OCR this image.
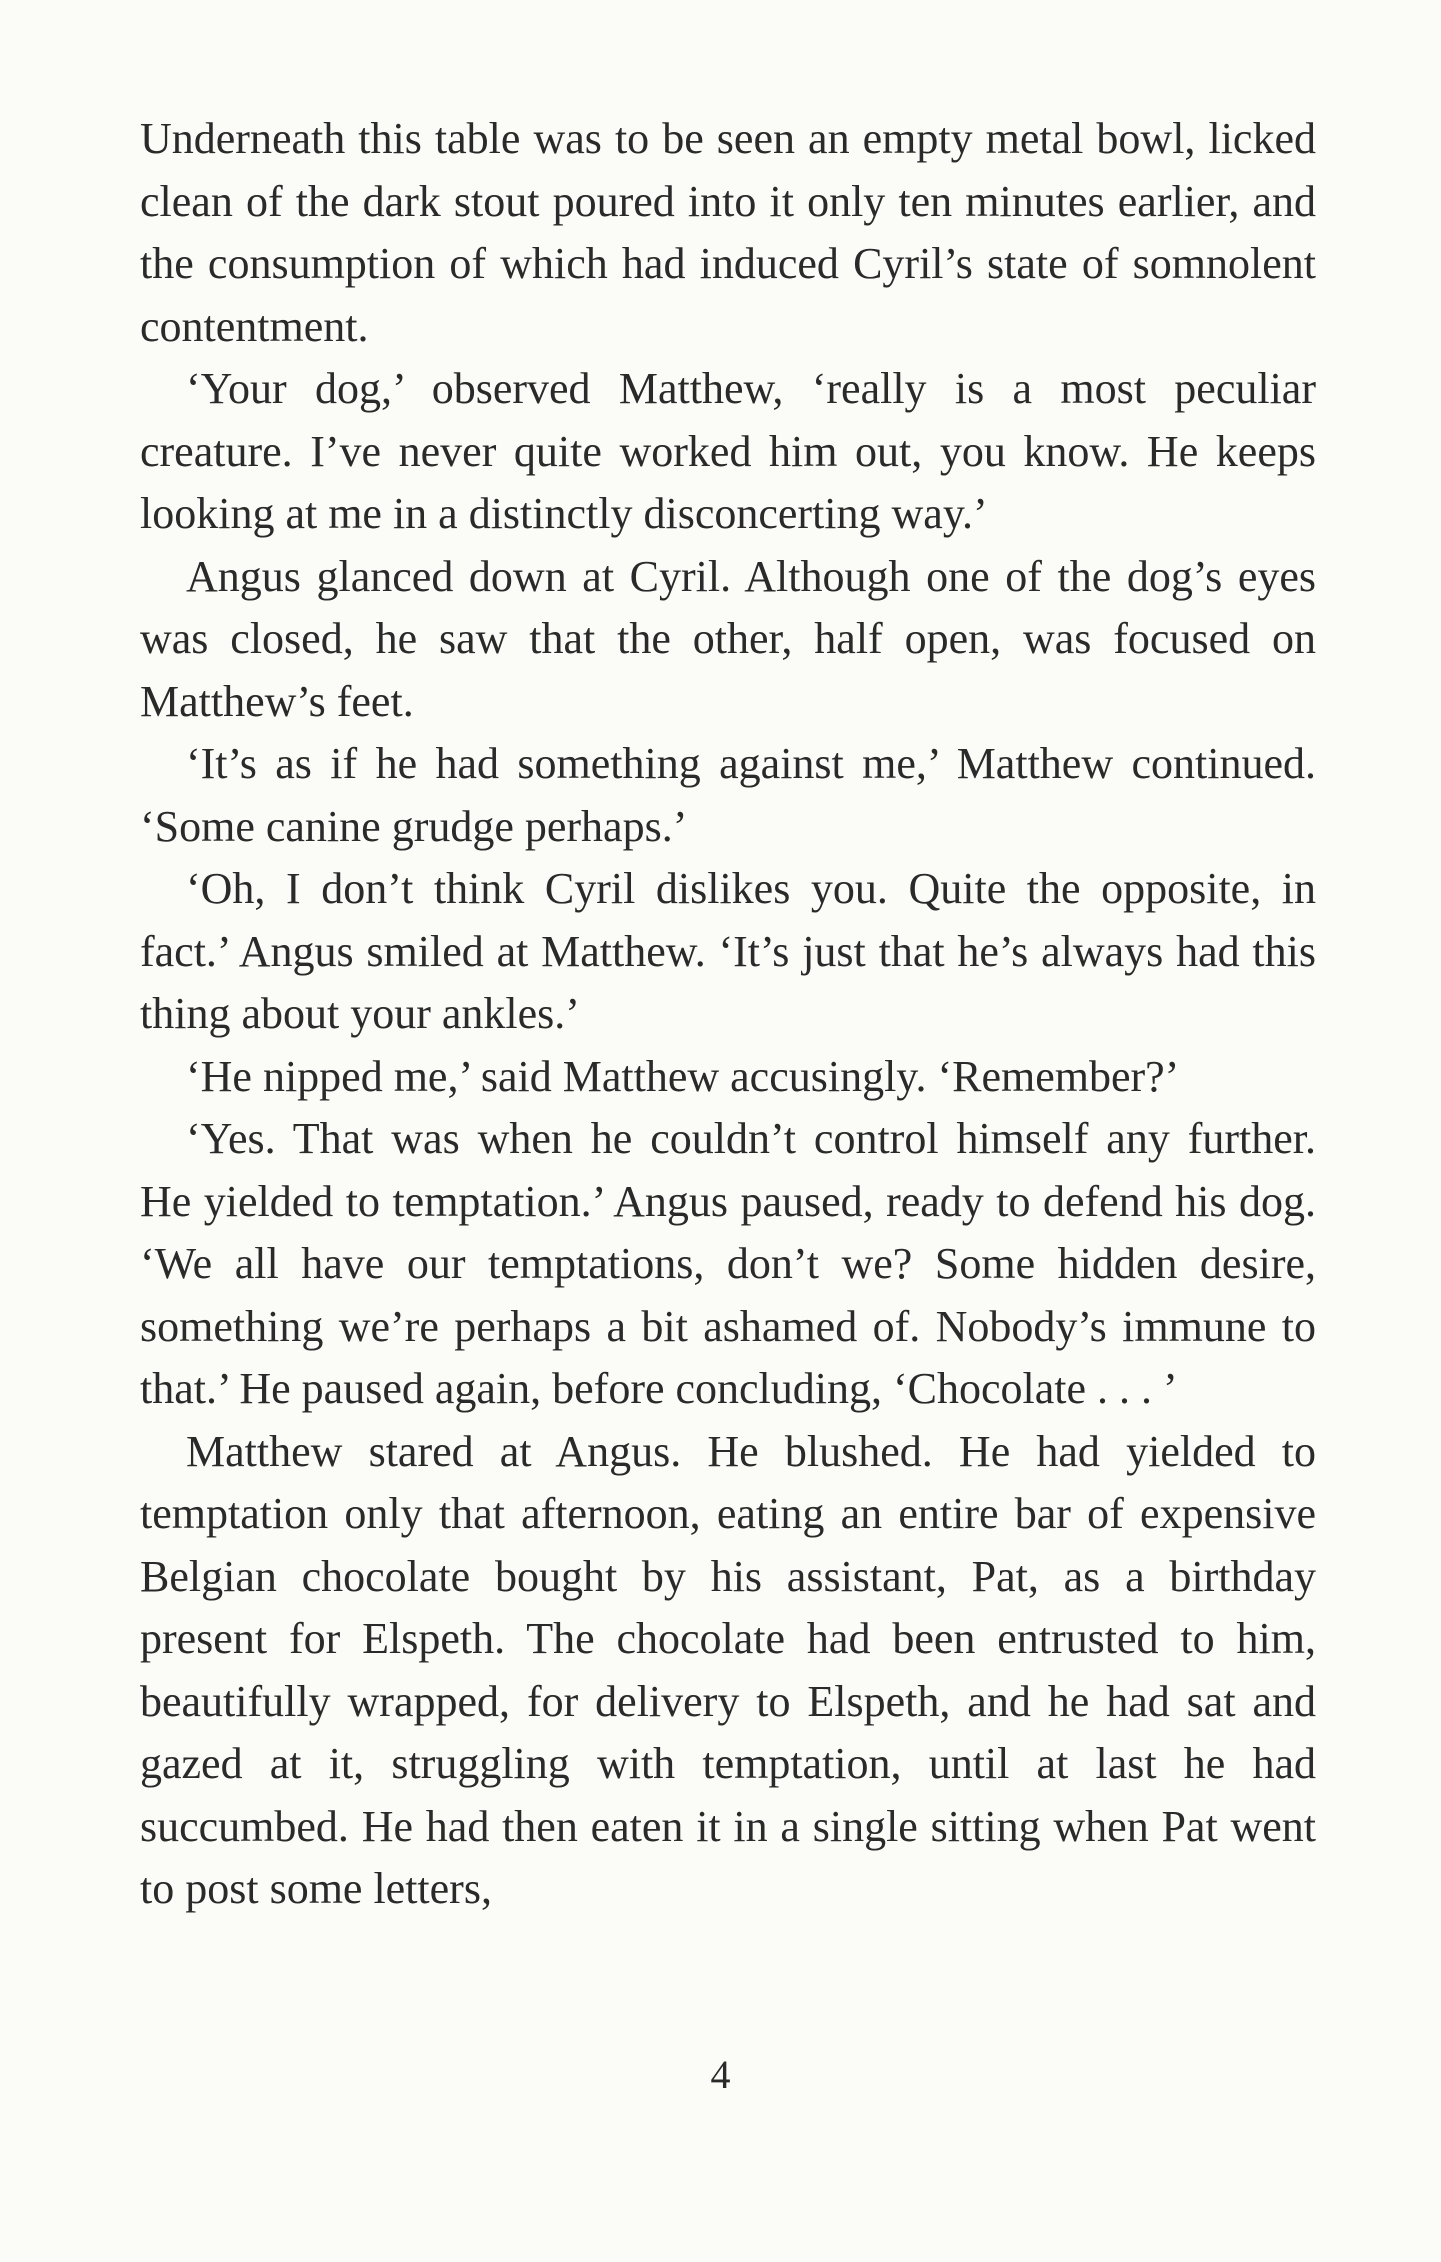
Underneath this table was to be seen an empty metal bowl, licked clean of the dark stout poured into it only ten minutes earlier, and the consumption of which had induced Cyril’s state of somnolent contentment.

‘Your dog,’ observed Matthew, ‘really is a most peculiar creature. I’ve never quite worked him out, you know. He keeps looking at me in a distinctly disconcerting way.’

Angus glanced down at Cyril. Although one of the dog’s eyes was closed, he saw that the other, half open, was focused on Matthew’s feet.

‘It’s as if he had something against me,’ Matthew continued. ‘Some canine grudge perhaps.’

‘Oh, I don’t think Cyril dislikes you. Quite the opposite, in fact.’ Angus smiled at Matthew. ‘It’s just that he’s always had this thing about your ankles.’

‘He nipped me,’ said Matthew accusingly. ‘Remember?’

‘Yes. That was when he couldn’t control himself any further. He yielded to temptation.’ Angus paused, ready to defend his dog. ‘We all have our temptations, don’t we? Some hidden desire, something we’re perhaps a bit ashamed of. Nobody’s immune to that.’ He paused again, before concluding, ‘Chocolate . . . ’

Matthew stared at Angus. He blushed. He had yielded to temptation only that afternoon, eating an entire bar of expensive Belgian chocolate bought by his assistant, Pat, as a birthday present for Elspeth. The chocolate had been entrusted to him, beautifully wrapped, for delivery to Elspeth, and he had sat and gazed at it, struggling with temptation, until at last he had succumbed. He had then eaten it in a single sitting when Pat went to post some letters,

4
